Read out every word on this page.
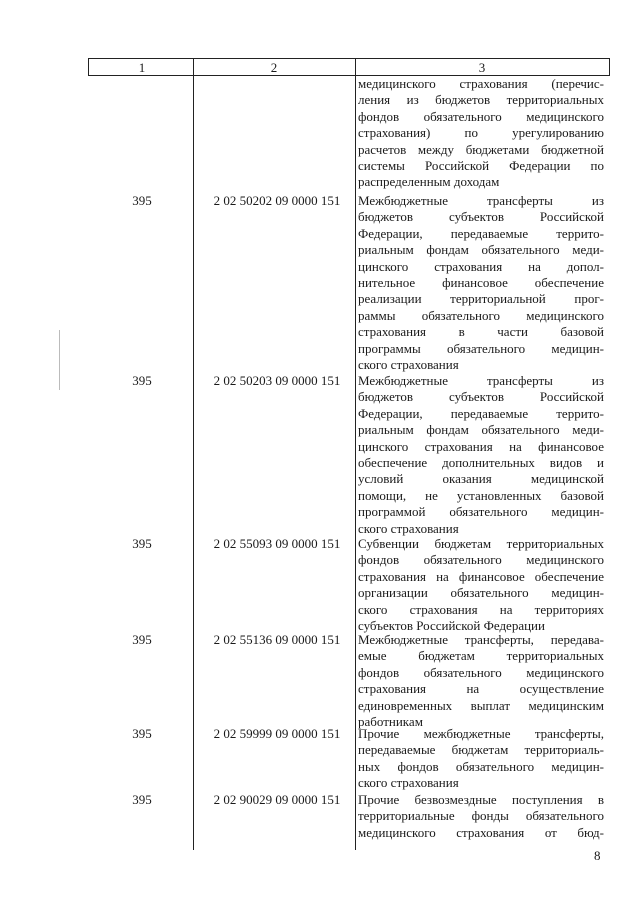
1	2	3
медицинского страхования (перечис-
ления из бюджетов территориальных
фондов обязательного медицинского
страхования) по урегулированию
расчетов между бюджетами бюджетной
системы Российской Федерации по
распределенным доходам
395	2 02 50202 09 0000 151	Межбюджетные трансферты из
бюджетов субъектов Российской
Федерации, передаваемые террито-
риальным фондам обязательного меди-
цинского страхования на допол-
нительное финансовое обеспечение
реализации территориальной прог-
раммы обязательного медицинского
страхования в части базовой
программы обязательного медицин-
ского страхования
395	2 02 50203 09 0000 151	Межбюджетные трансферты из
бюджетов субъектов Российской
Федерации, передаваемые террито-
риальным фондам обязательного меди-
цинского страхования на финансовое
обеспечение дополнительных видов и
условий оказания медицинской
помощи, не установленных базовой
программой обязательного медицин-
ского страхования
395	2 02 55093 09 0000 151	Субвенции бюджетам территориальных
фондов обязательного медицинского
страхования на финансовое обеспечение
организации обязательного медицин-
ского страхования на территориях
субъектов Российской Федерации
395	2 02 55136 09 0000 151	Межбюджетные трансферты, передава-
емые бюджетам территориальных
фондов обязательного медицинского
страхования на осуществление
единовременных выплат медицинским
работникам
395	2 02 59999 09 0000 151	Прочие межбюджетные трансферты,
передаваемые бюджетам территориаль-
ных фондов обязательного медицин-
ского страхования
395	2 02 90029 09 0000 151	Прочие безвозмездные поступления в
территориальные фонды обязательного
медицинского страхования от бюд-
8
